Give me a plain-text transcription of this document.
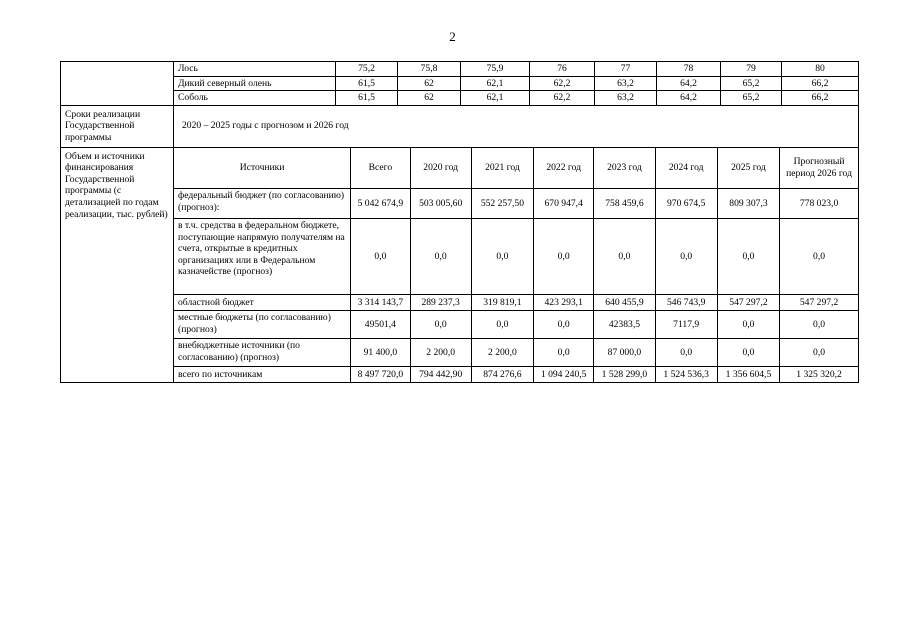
2
	Лось	75,2	75,8	75,9	76	77	78	79	80
Дикий северный олень	61,5	62	62,1	62,2	63,2	64,2	65,2	66,2
Соболь	61,5	62	62,1	62,2	63,2	64,2	65,2	66,2
Сроки реализации Государственной программы	2020 – 2025 годы с прогнозом и 2026 год
Объем и источники финансирования Государственной программы (с детализацией по годам реализации, тыс. рублей)	
Источники	Всего	2020 год	2021 год	2022 год	2023 год	2024 год	2025 год	Прогнозный период 2026 год
федеральный бюджет (по согласованию) (прогноз):	5 042 674,9	503 005,60	552 257,50	670 947,4	758 459,6	970 674,5	809 307,3	778 023,0
в т.ч. средства в федеральном бюджете, поступающие напрямую получателям на счета, открытые в кредитных организациях или в Федеральном казначействе (прогноз)	0,0	0,0	0,0	0,0	0,0	0,0	0,0	0,0
областной бюджет	3 314 143,7	289 237,3	319 819,1	423 293,1	640 455,9	546 743,9	547 297,2	547 297,2
местные бюджеты (по согласованию) (прогноз)	49501,4	0,0	0,0	0,0	42383,5	7117,9	0,0	0,0
внебюджетные источники (по согласованию) (прогноз)	91 400,0	2 200,0	2 200,0	0,0	87 000,0	0,0	0,0	0,0
всего по источникам	8 497 720,0	794 442,90	874 276,6	1 094 240,5	1 528 299,0	1 524 536,3	1 356 604,5	1 325 320,2
